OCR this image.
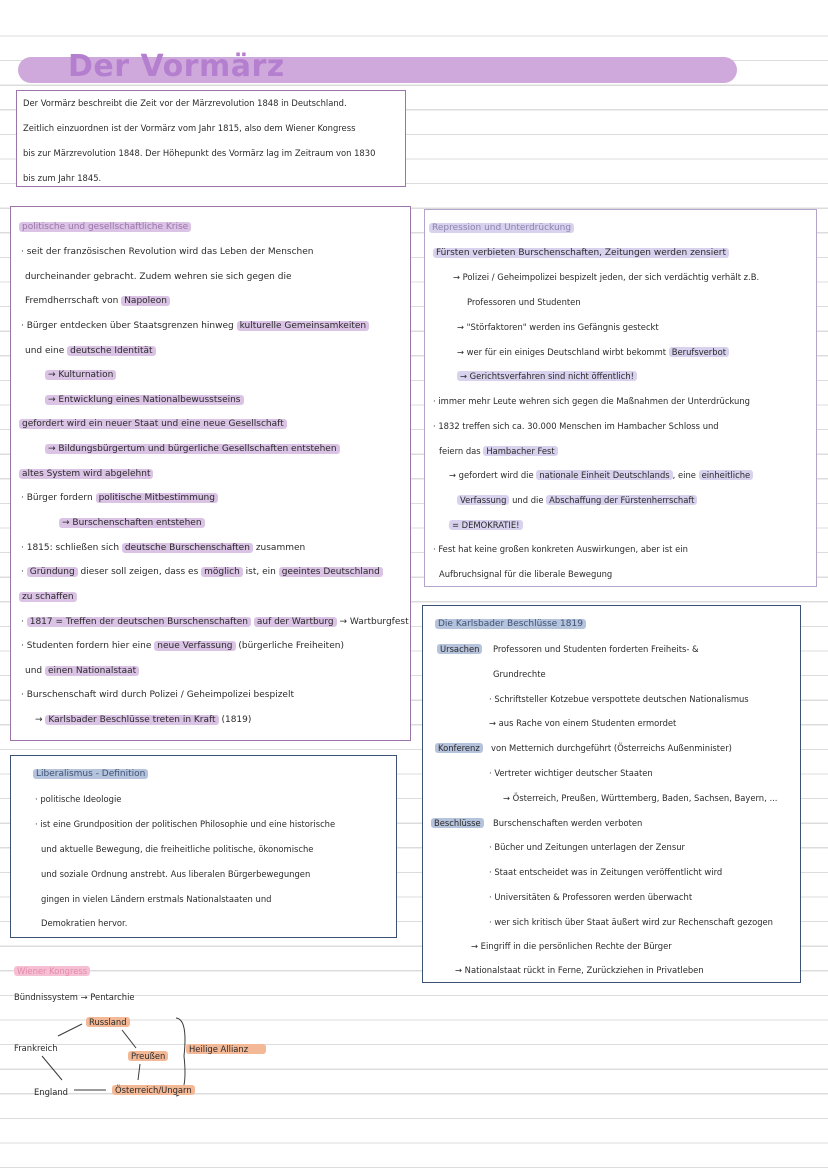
Der Vormärz
Der Vormärz beschreibt die Zeit vor der Märzrevolution 1848 in Deutschland.
Zeitlich einzuordnen ist der Vormärz vom Jahr 1815, also dem Wiener Kongress
bis zur Märzrevolution 1848. Der Höhepunkt des Vormärz lag im Zeitraum von 1830
bis zum Jahr 1845.
politische und gesellschaftliche Krise
· seit der französischen Revolution wird das Leben der Menschen
durcheinander gebracht. Zudem wehren sie sich gegen die
Fremdherrschaft von Napoleon
· Bürger entdecken über Staatsgrenzen hinweg kulturelle Gemeinsamkeiten
und eine deutsche Identität
→ Kulturnation
→ Entwicklung eines Nationalbewusstseins
gefordert wird ein neuer Staat und eine neue Gesellschaft
→ Bildungsbürgertum und bürgerliche Gesellschaften entstehen
altes System wird abgelehnt
· Bürger fordern politische Mitbestimmung
→ Burschenschaften entstehen
· 1815: schließen sich deutsche Burschenschaften zusammen
· Gründung dieser soll zeigen, dass es möglich ist, ein geeintes Deutschland
zu schaffen
· 1817 = Treffen der deutschen Burschenschaften auf der Wartburg → Wartburgfest
· Studenten fordern hier eine neue Verfassung (bürgerliche Freiheiten)
und einen Nationalstaat
· Burschenschaft wird durch Polizei / Geheimpolizei bespizelt
→ Karlsbader Beschlüsse treten in Kraft (1819)
Repression und Unterdrückung
Fürsten verbieten Burschenschaften, Zeitungen werden zensiert
→ Polizei / Geheimpolizei bespizelt jeden, der sich verdächtig verhält z.B.
Professoren und Studenten
→ "Störfaktoren" werden ins Gefängnis gesteckt
→ wer für ein einiges Deutschland wirbt bekommt Berufsverbot
→ Gerichtsverfahren sind nicht öffentlich!
· immer mehr Leute wehren sich gegen die Maßnahmen der Unterdrückung
· 1832 treffen sich ca. 30.000 Menschen im Hambacher Schloss und
feiern das Hambacher Fest
→ gefordert wird die nationale Einheit Deutschlands , eine einheitliche
Verfassung und die Abschaffung der Fürstenherrschaft
= DEMOKRATIE!
· Fest hat keine großen konkreten Auswirkungen, aber ist ein
Aufbruchsignal für die liberale Bewegung
Liberalismus - Definition
· politische Ideologie
· ist eine Grundposition der politischen Philosophie und eine historische
und aktuelle Bewegung, die freiheitliche politische, ökonomische
und soziale Ordnung anstrebt. Aus liberalen Bürgerbewegungen
gingen in vielen Ländern erstmals Nationalstaaten und
Demokratien hervor.
Die Karlsbader Beschlüsse 1819
Ursachen	Professoren und Studenten forderten Freiheits- &
Grundrechte
· Schriftsteller Kotzebue verspottete deutschen Nationalismus
→ aus Rache von einem Studenten ermordet
Konferenz	von Metternich durchgeführt (Österreichs Außenminister)
· Vertreter wichtiger deutscher Staaten
→ Österreich, Preußen, Württemberg, Baden, Sachsen, Bayern, ...
Beschlüsse	Burschenschaften werden verboten
· Bücher und Zeitungen unterlagen der Zensur
· Staat entscheidet was in Zeitungen veröffentlicht wird
· Universitäten & Professoren werden überwacht
· wer sich kritisch über Staat äußert wird zur Rechenschaft gezogen
→ Eingriff in die persönlichen Rechte der Bürger
→ Nationalstaat rückt in Ferne, Zurückziehen in Privatleben
Wiener Kongress
Bündnissystem → Pentarchie
Russland
Frankreich
Preußen
England	Österreich/Ungarn
Heilige Allianz
